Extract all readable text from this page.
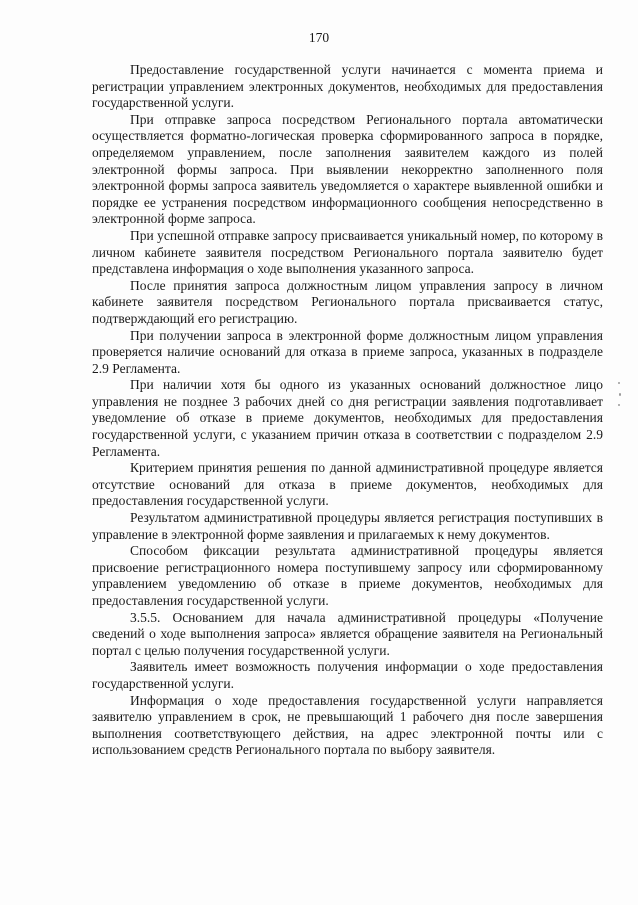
170

Предоставление государственной услуги начинается с момента приема и регистрации управлением электронных документов, необходимых для предоставления государственной услуги.

При отправке запроса посредством Регионального портала автоматически осуществляется форматно-логическая проверка сформированного запроса в порядке, определяемом управлением, после заполнения заявителем каждого из полей электронной формы запроса. При выявлении некорректно заполненного поля электронной формы запроса заявитель уведомляется о характере выявленной ошибки и порядке ее устранения посредством информационного сообщения непосредственно в электронной форме запроса.

При успешной отправке запросу присваивается уникальный номер, по которому в личном кабинете заявителя посредством Регионального портала заявителю будет представлена информация о ходе выполнения указанного запроса.

После принятия запроса должностным лицом управления запросу в личном кабинете заявителя посредством Регионального портала присваивается статус, подтверждающий его регистрацию.

При получении запроса в электронной форме должностным лицом управления проверяется наличие оснований для отказа в приеме запроса, указанных в подразделе 2.9 Регламента.

При наличии хотя бы одного из указанных оснований должностное лицо управления не позднее 3 рабочих дней со дня регистрации заявления подготавливает уведомление об отказе в приеме документов, необходимых для предоставления государственной услуги, с указанием причин отказа в соответствии с подразделом 2.9 Регламента.

Критерием принятия решения по данной административной процедуре является отсутствие оснований для отказа в приеме документов, необходимых для предоставления государственной услуги.

Результатом административной процедуры является регистрация поступивших в управление в электронной форме заявления и прилагаемых к нему документов.

Способом фиксации результата административной процедуры является присвоение регистрационного номера поступившему запросу или сформированному управлением уведомлению об отказе в приеме документов, необходимых для предоставления государственной услуги.

3.5.5. Основанием для начала административной процедуры «Получение сведений о ходе выполнения запроса» является обращение заявителя на Региональный портал с целью получения государственной услуги.

Заявитель имеет возможность получения информации о ходе предоставления государственной услуги.

Информация о ходе предоставления государственной услуги направляется заявителю управлением в срок, не превышающий 1 рабочего дня после завершения выполнения соответствующего действия, на адрес электронной почты или с использованием средств Регионального портала по выбору заявителя.
